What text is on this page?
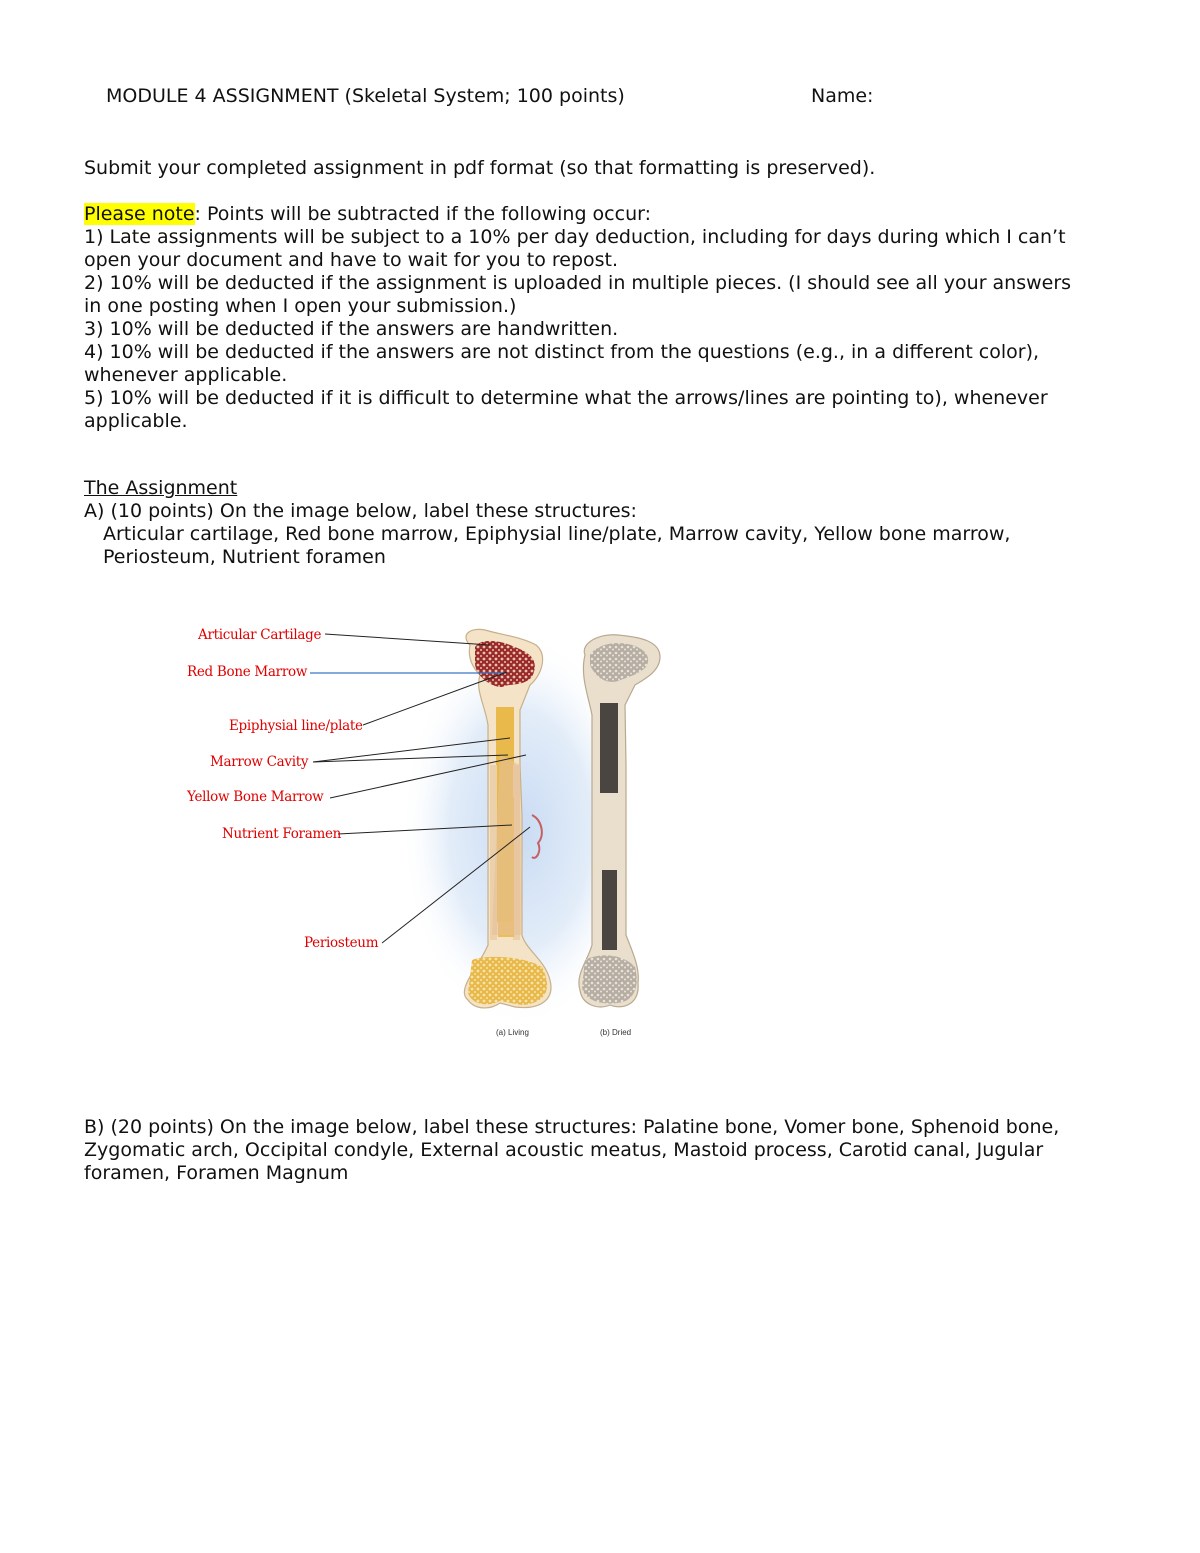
MODULE 4 ASSIGNMENT (Skeletal System; 100 points)	Name:
Submit your completed assignment in pdf format (so that formatting is preserved).
Please note: Points will be subtracted if the following occur:
1) Late assignments will be subject to a 10% per day deduction, including for days during which I can’t
open your document and have to wait for you to repost.
2) 10% will be deducted if the assignment is uploaded in multiple pieces. (I should see all your answers
in one posting when I open your submission.)
3) 10% will be deducted if the answers are handwritten.
4) 10% will be deducted if the answers are not distinct from the questions (e.g., in a different color),
whenever applicable.
5) 10% will be deducted if it is difficult to determine what the arrows/lines are pointing to), whenever
applicable.
The Assignment
A) (10 points) On the image below, label these structures:
Articular cartilage, Red bone marrow, Epiphysial line/plate, Marrow cavity, Yellow bone marrow,
Periosteum, Nutrient foramen
Articular Cartilage
Red Bone Marrow
Epiphysial line/plate
Marrow Cavity
Yellow Bone Marrow
Nutrient Foramen
Periosteum
(a) Living	(b) Dried
B) (20 points) On the image below, label these structures: Palatine bone, Vomer bone, Sphenoid bone,
Zygomatic arch, Occipital condyle, External acoustic meatus, Mastoid process, Carotid canal, Jugular
foramen, Foramen Magnum
